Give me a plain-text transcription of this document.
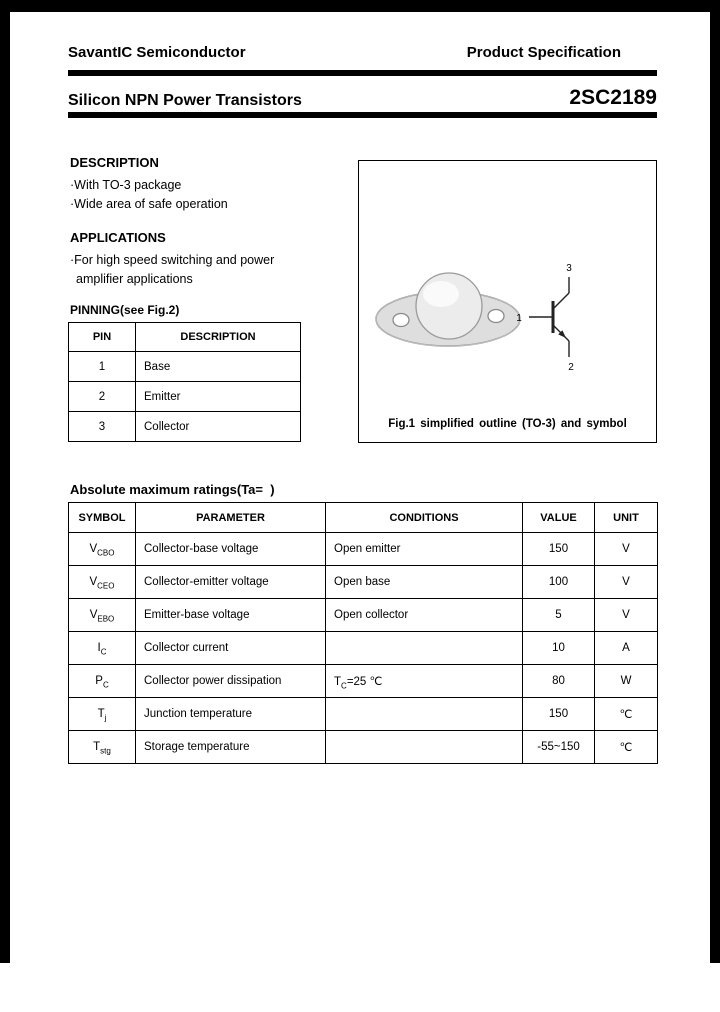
SavantIC Semiconductor	Product Specification
Silicon NPN Power Transistors	2SC2189
DESCRIPTION
·With TO-3 package
·Wide area of safe operation
APPLICATIONS
·For high speed switching and power
amplifier applications
PINNING(see Fig.2)
PIN	DESCRIPTION
1	Base
2	Emitter
3	Collector
1
3
2
Fig.1 simplified outline (TO-3) and symbol
Absolute maximum ratings(Ta=  )
SYMBOL	PARAMETER	CONDITIONS	VALUE	UNIT
$V_{CBO}$	Collector-base voltage	Open emitter	150	V
$V_{CEO}$	Collector-emitter voltage	Open base	100	V
$V_{EBO}$	Emitter-base voltage	Open collector	5	V
$I_C$	Collector current		10	A
$P_C$	Collector power dissipation	$T_C=25$ ℃	80	W
$T_j$	Junction temperature		150	℃
$T_{stg}$	Storage temperature		-55~150	℃
